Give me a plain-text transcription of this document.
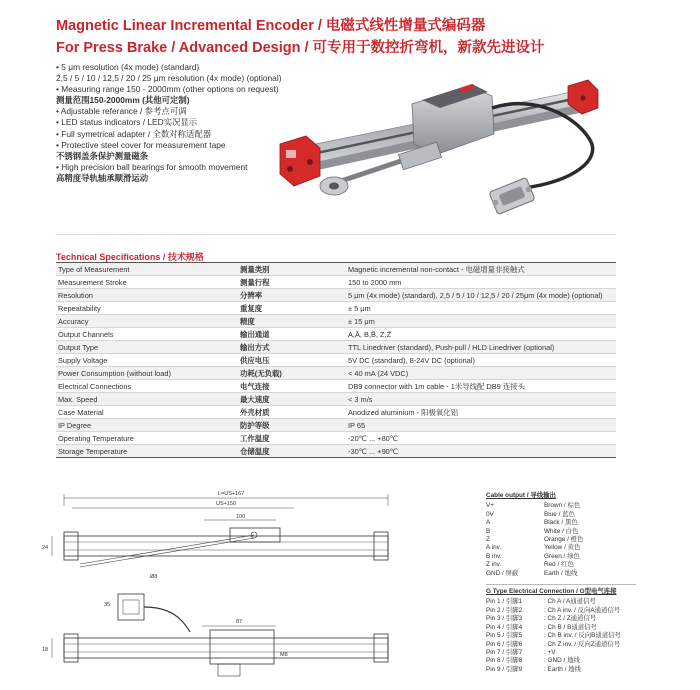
Magnetic Linear Incremental Encoder / 电磁式线性增量式编码器
For Press Brake / Advanced Design / 可专用于数控折弯机，新款先进设计
• 5 μm resolution (4x mode) (standard)
2,5 / 5 / 10 / 12,5 / 20 / 25 μm resolution (4x mode) (optional)
• Measuring range 150 - 2000mm (other options on request)
测量范围150-2000mm (其他可定制)
• Adjustable referance / 参考点可调
• LED status indicators / LED实况显示
• Full symetrical adapter / 全数对称适配器
• Protective steel cover for measurement tape
不锈钢盖条保护测量磁条
• High precision ball bearings for smooth movement
高精度导轨轴承顺滑运动
Technical Specifications / 技术规格
Type of Measurement	测量类别	Magnetic incremental non-contact - 电磁增量非接触式
Measurement Stroke	测量行程	150 to 2000 mm
Resolution	分辨率	5 μm (4x mode) (standard), 2,5 / 5 / 10 / 12,5 / 20 / 25μm (4x mode) (optional)
Repeatability	重复度	± 5 μm
Accuracy	精度	± 15 μm
Output Channels	输出通道	A,Ā, B,B̄, Z,Z̄
Output Type	输出方式	TTL Linedriver (standard), Push-pull / HLD Linedriver (optional)
Supply Voltage	供应电压	5V DC (standard), 8-24V DC (optional)
Power Consumption (without load)	功耗(无负载)	< 40 mA (24 VDC)
Electrical Connections	电气连接	DB9 connector with 1m cable - 1米导线配 DB9 连接头
Max. Speed	最大速度	< 3 m/s
Case Material	外壳材质	Anodized aluminium - 阳极氧化铝
IP Degree	防护等级	IP 65
Operating Temperature	工作温度	-20℃ ... +80℃
Storage Temperature	仓储温度	-30℃ ... +90℃
L=US+167
US+150
100
24
Ø8
35
87
18
M8
Cable output / 导线输出
V+	Brown / 棕色
0V	Blue / 蓝色
A	Black / 黑色
B	White / 白色
Z	Orange / 橙色
A inv.	Yellow / 黄色
B inv.	Green / 绿色
Z inv.	Red / 红色
GND / 屏蔽	Earth / 地线
G Type Electrical Connection / G型电气连接
Pin 1 / 引脚1	: Ch A / A通道信号
Pin 2 / 引脚2	: Ch A inv. / 反向A通道信号
Pin 3 / 引脚3	: Ch Z / Z通道信号
Pin 4 / 引脚4	: Ch B / B通道信号
Pin 5 / 引脚5	: Ch B inv. / 反向B通道信号
Pin 6 / 引脚6	: Ch Z inv. / 反向Z通道信号
Pin 7 / 引脚7	: +V
Pin 8 / 引脚8	: GND / 地线
Pin 9 / 引脚9	: Earth / 地线
